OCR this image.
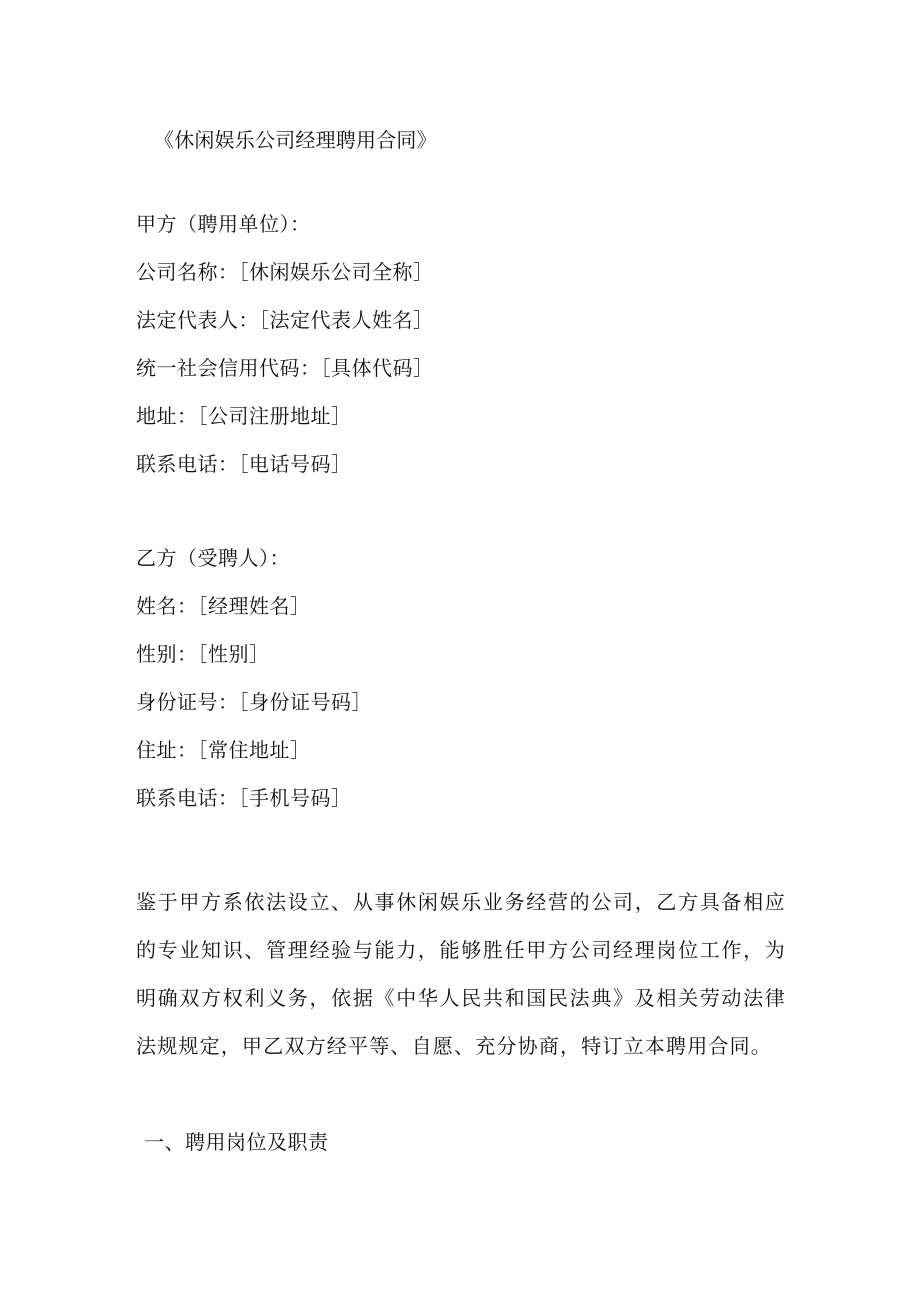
《休闲娱乐公司经理聘用合同》
甲方（聘用单位）：
公司名称：［休闲娱乐公司全称］
法定代表人：［法定代表人姓名］
统一社会信用代码：［具体代码］
地址：［公司注册地址］
联系电话：［电话号码］
乙方（受聘人）：
姓名：［经理姓名］
性别：［性别］
身份证号：［身份证号码］
住址：［常住地址］
联系电话：［手机号码］
鉴于甲方系依法设立、从事休闲娱乐业务经营的公司，乙方具备相应的专业知识、管理经验与能力，能够胜任甲方公司经理岗位工作，为明确双方权利义务，依据《中华人民共和国民法典》及相关劳动法律法规规定，甲乙双方经平等、自愿、充分协商，特订立本聘用合同。
一、聘用岗位及职责
